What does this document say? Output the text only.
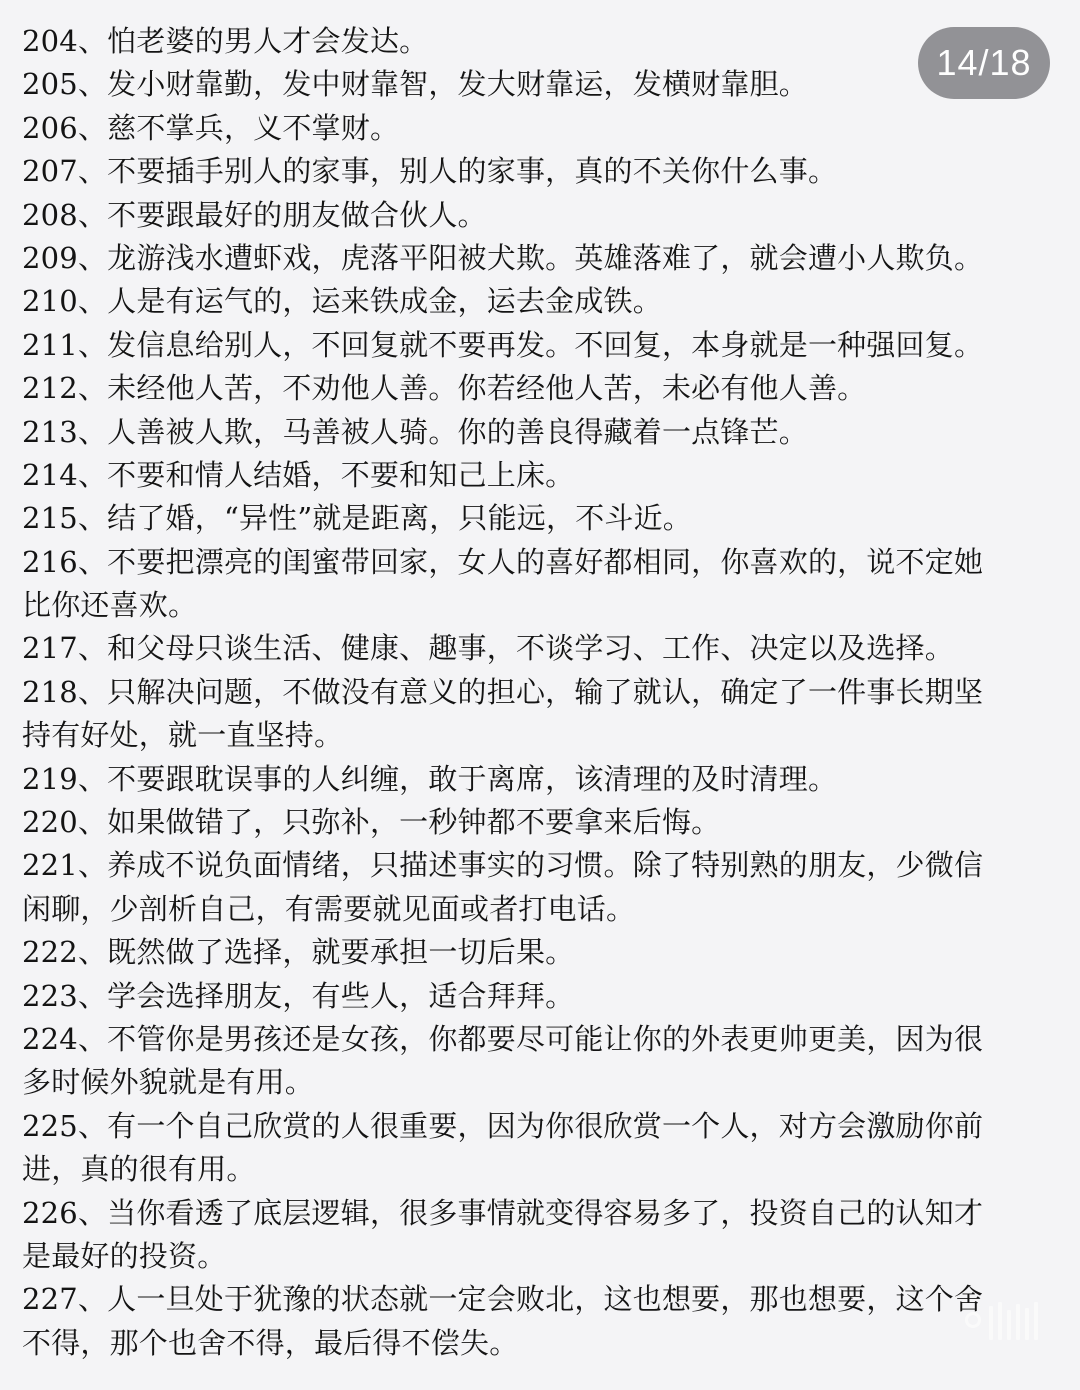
204、怕老婆的男人才会发达。
205、发小财靠勤，发中财靠智，发大财靠运，发横财靠胆。
206、慈不掌兵，义不掌财。
207、不要插手别人的家事，别人的家事，真的不关你什么事。
208、不要跟最好的朋友做合伙人。
209、龙游浅水遭虾戏，虎落平阳被犬欺。英雄落难了，就会遭小人欺负。
210、人是有运气的，运来铁成金，运去金成铁。
211、发信息给别人，不回复就不要再发。不回复，本身就是一种强回复。
212、未经他人苦，不劝他人善。你若经他人苦，未必有他人善。
213、人善被人欺，马善被人骑。你的善良得藏着一点锋芒。
214、不要和情人结婚，不要和知己上床。
215、结了婚，“异性”就是距离，只能远，不斗近。
216、不要把漂亮的闺蜜带回家，女人的喜好都相同，你喜欢的，说不定她
比你还喜欢。
217、和父母只谈生活、健康、趣事，不谈学习、工作、决定以及选择。
218、只解决问题，不做没有意义的担心，输了就认，确定了一件事长期坚
持有好处，就一直坚持。
219、不要跟耽误事的人纠缠，敢于离席，该清理的及时清理。
220、如果做错了，只弥补，一秒钟都不要拿来后悔。
221、养成不说负面情绪，只描述事实的习惯。除了特别熟的朋友，少微信
闲聊，少剖析自己，有需要就见面或者打电话。
222、既然做了选择，就要承担一切后果。
223、学会选择朋友，有些人，适合拜拜。
224、不管你是男孩还是女孩，你都要尽可能让你的外表更帅更美，因为很
多时候外貌就是有用。
225、有一个自己欣赏的人很重要，因为你很欣赏一个人，对方会激励你前
进，真的很有用。
226、当你看透了底层逻辑，很多事情就变得容易多了，投资自己的认知才
是最好的投资。
227、人一旦处于犹豫的状态就一定会败北，这也想要，那也想要，这个舍
不得，那个也舍不得，最后得不偿失。
14/18
